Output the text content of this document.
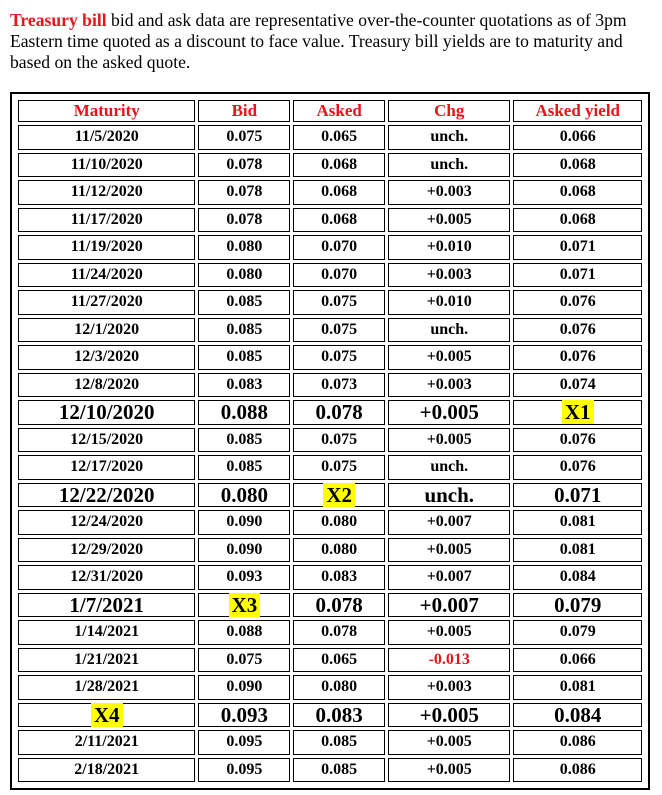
Treasury bill bid and ask data are representative over-the-counter quotations as of 3pm Eastern time quoted as a discount to face value. Treasury bill yields are to maturity and based on the asked quote.
Maturity	Bid	Asked	Chg	Asked yield
11/5/2020	0.075	0.065	unch.	0.066
11/10/2020	0.078	0.068	unch.	0.068
11/12/2020	0.078	0.068	+0.003	0.068
11/17/2020	0.078	0.068	+0.005	0.068
11/19/2020	0.080	0.070	+0.010	0.071
11/24/2020	0.080	0.070	+0.003	0.071
11/27/2020	0.085	0.075	+0.010	0.076
12/1/2020	0.085	0.075	unch.	0.076
12/3/2020	0.085	0.075	+0.005	0.076
12/8/2020	0.083	0.073	+0.003	0.074
12/10/2020	0.088	0.078	+0.005	X1
12/15/2020	0.085	0.075	+0.005	0.076
12/17/2020	0.085	0.075	unch.	0.076
12/22/2020	0.080	X2	unch.	0.071
12/24/2020	0.090	0.080	+0.007	0.081
12/29/2020	0.090	0.080	+0.005	0.081
12/31/2020	0.093	0.083	+0.007	0.084
1/7/2021	X3	0.078	+0.007	0.079
1/14/2021	0.088	0.078	+0.005	0.079
1/21/2021	0.075	0.065	-0.013	0.066
1/28/2021	0.090	0.080	+0.003	0.081
X4	0.093	0.083	+0.005	0.084
2/11/2021	0.095	0.085	+0.005	0.086
2/18/2021	0.095	0.085	+0.005	0.086
